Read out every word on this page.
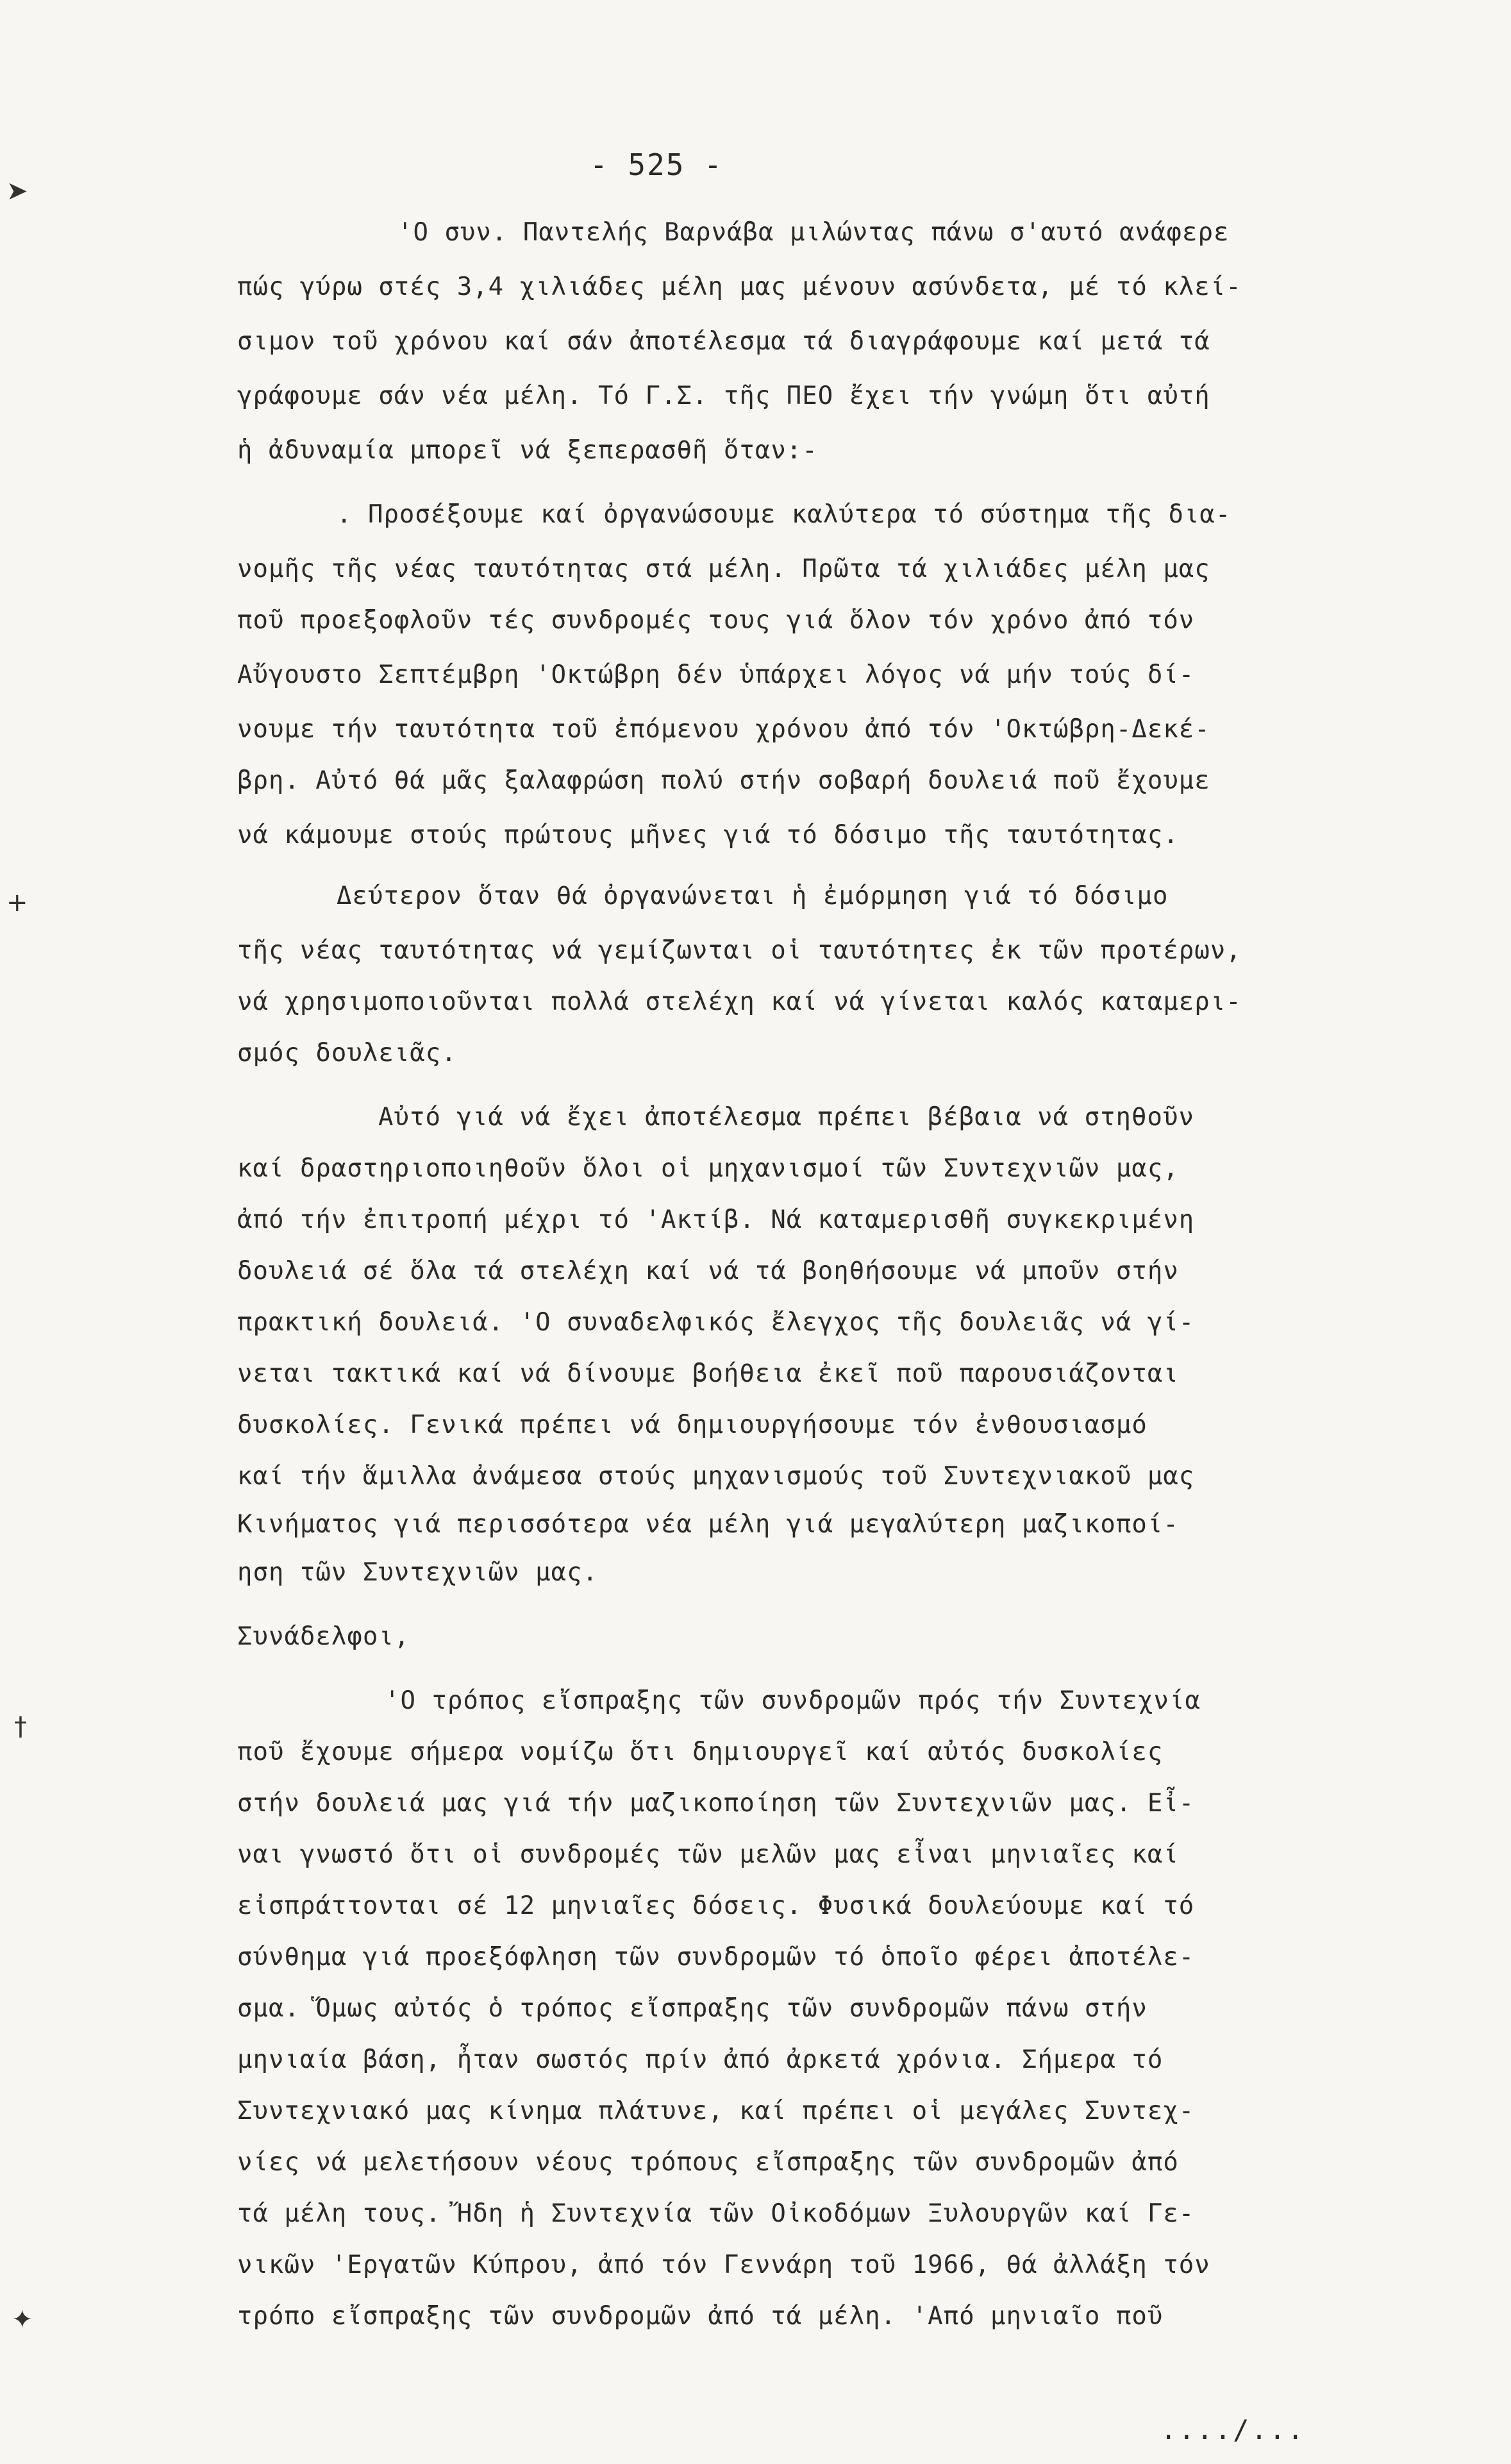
- 525 -
➤
+
†
✦
'Ο συν. Παντελής Βαρνάβα μιλώντας πάνω σ'αυτό ανάφερε
πώς γύρω στές 3,4 χιλιάδες μέλη μας μένουν ασύνδετα, μέ τό κλεί-
σιμον τοῦ χρόνου καί σάν ἀποτέλεσμα τά διαγράφουμε καί μετά τά
γράφουμε σάν νέα μέλη. Τό Γ.Σ. τῆς ΠΕΟ ἔχει τήν γνώμη ὅτι αὐτή
ἡ ἀδυναμία μπορεῖ νά ξεπερασθῆ ὅταν:-
. Προσέξουμε καί ὀργανώσουμε καλύτερα τό σύστημα τῆς δια-
νομῆς τῆς νέας ταυτότητας στά μέλη. Πρῶτα τά χιλιάδες μέλη μας
ποῦ προεξοφλοῦν τές συνδρομές τους γιά ὅλον τόν χρόνο ἀπό τόν
Αὔγουστο Σεπτέμβρη 'Οκτώβρη δέν ὑπάρχει λόγος νά μήν τούς δί-
νουμε τήν ταυτότητα τοῦ ἐπόμενου χρόνου ἀπό τόν 'Οκτώβρη-Δεκέ-
βρη. Αὐτό θά μᾶς ξαλαφρώση πολύ στήν σοβαρή δουλειά ποῦ ἔχουμε
νά κάμουμε στούς πρώτους μῆνες γιά τό δόσιμο τῆς ταυτότητας.
Δεύτερον ὅταν θά ὀργανώνεται ἡ ἐμόρμηση γιά τό δόσιμο
τῆς νέας ταυτότητας νά γεμίζωνται οἱ ταυτότητες ἐκ τῶν προτέρων,
νά χρησιμοποιοῦνται πολλά στελέχη καί νά γίνεται καλός καταμερι-
σμός δουλειᾶς.
Αὐτό γιά νά ἔχει ἀποτέλεσμα πρέπει βέβαια νά στηθοῦν
καί δραστηριοποιηθοῦν ὅλοι οἱ μηχανισμοί τῶν Συντεχνιῶν μας,
ἀπό τήν ἐπιτροπή μέχρι τό 'Ακτίβ. Νά καταμερισθῆ συγκεκριμένη
δουλειά σέ ὅλα τά στελέχη καί νά τά βοηθήσουμε νά μποῦν στήν
πρακτική δουλειά. 'Ο συναδελφικός ἔλεγχος τῆς δουλειᾶς νά γί-
νεται τακτικά καί νά δίνουμε βοήθεια ἐκεῖ ποῦ παρουσιάζονται
δυσκολίες. Γενικά πρέπει νά δημιουργήσουμε τόν ἐνθουσιασμό
καί τήν ἅμιλλα ἀνάμεσα στούς μηχανισμούς τοῦ Συντεχνιακοῦ μας
Κινήματος γιά περισσότερα νέα μέλη γιά μεγαλύτερη μαζικοποί-
ηση τῶν Συντεχνιῶν μας.
Συνάδελφοι,
'Ο τρόπος εἴσπραξης τῶν συνδρομῶν πρός τήν Συντεχνία
ποῦ ἔχουμε σήμερα νομίζω ὅτι δημιουργεῖ καί αὐτός δυσκολίες
στήν δουλειά μας γιά τήν μαζικοποίηση τῶν Συντεχνιῶν μας. Εἶ-
ναι γνωστό ὅτι οἱ συνδρομές τῶν μελῶν μας εἶναι μηνιαῖες καί
εἰσπράττονται σέ 12 μηνιαῖες δόσεις. Φυσικά δουλεύουμε καί τό
σύνθημα γιά προεξόφληση τῶν συνδρομῶν τό ὁποῖο φέρει ἀποτέλε-
σμα. Ὅμως αὐτός ὁ τρόπος εἴσπραξης τῶν συνδρομῶν πάνω στήν
μηνιαία βάση, ἦταν σωστός πρίν ἀπό ἀρκετά χρόνια. Σήμερα τό
Συντεχνιακό μας κίνημα πλάτυνε, καί πρέπει οἱ μεγάλες Συντεχ-
νίες νά μελετήσουν νέους τρόπους εἴσπραξης τῶν συνδρομῶν ἀπό
τά μέλη τους. Ἤδη ἡ Συντεχνία τῶν Οἰκοδόμων Ξυλουργῶν καί Γε-
νικῶν 'Εργατῶν Κύπρου, ἀπό τόν Γεννάρη τοῦ 1966, θά ἀλλάξη τόν
τρόπο εἴσπραξης τῶν συνδρομῶν ἀπό τά μέλη. 'Από μηνιαῖο ποῦ
..../...
